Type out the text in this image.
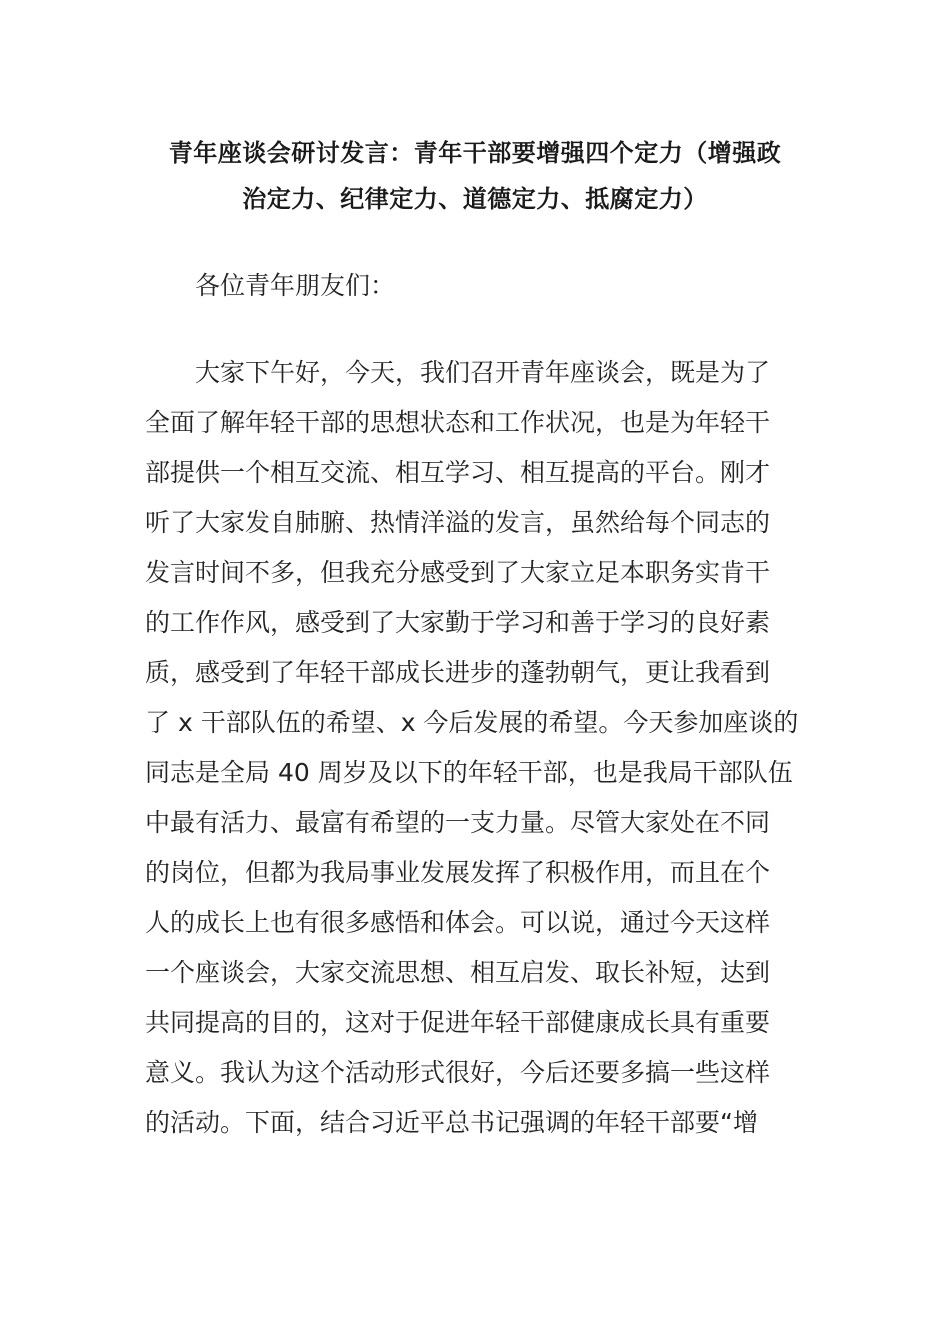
青年座谈会研讨发言：青年干部要增强四个定力（增强政
治定力、纪律定力、道德定力、抵腐定力）

各位青年朋友们：

大家下午好，今天，我们召开青年座谈会，既是为了
全面了解年轻干部的思想状态和工作状况，也是为年轻干
部提供一个相互交流、相互学习、相互提高的平台。刚才
听了大家发自肺腑、热情洋溢的发言，虽然给每个同志的
发言时间不多，但我充分感受到了大家立足本职务实肯干
的工作作风，感受到了大家勤于学习和善于学习的良好素
质，感受到了年轻干部成长进步的蓬勃朝气，更让我看到
了 x 干部队伍的希望、x 今后发展的希望。今天参加座谈的
同志是全局 40 周岁及以下的年轻干部，也是我局干部队伍
中最有活力、最富有希望的一支力量。尽管大家处在不同
的岗位，但都为我局事业发展发挥了积极作用，而且在个
人的成长上也有很多感悟和体会。可以说，通过今天这样
一个座谈会，大家交流思想、相互启发、取长补短，达到
共同提高的目的，这对于促进年轻干部健康成长具有重要
意义。我认为这个活动形式很好，今后还要多搞一些这样
的活动。下面，结合习近平总书记强调的年轻干部要“增
